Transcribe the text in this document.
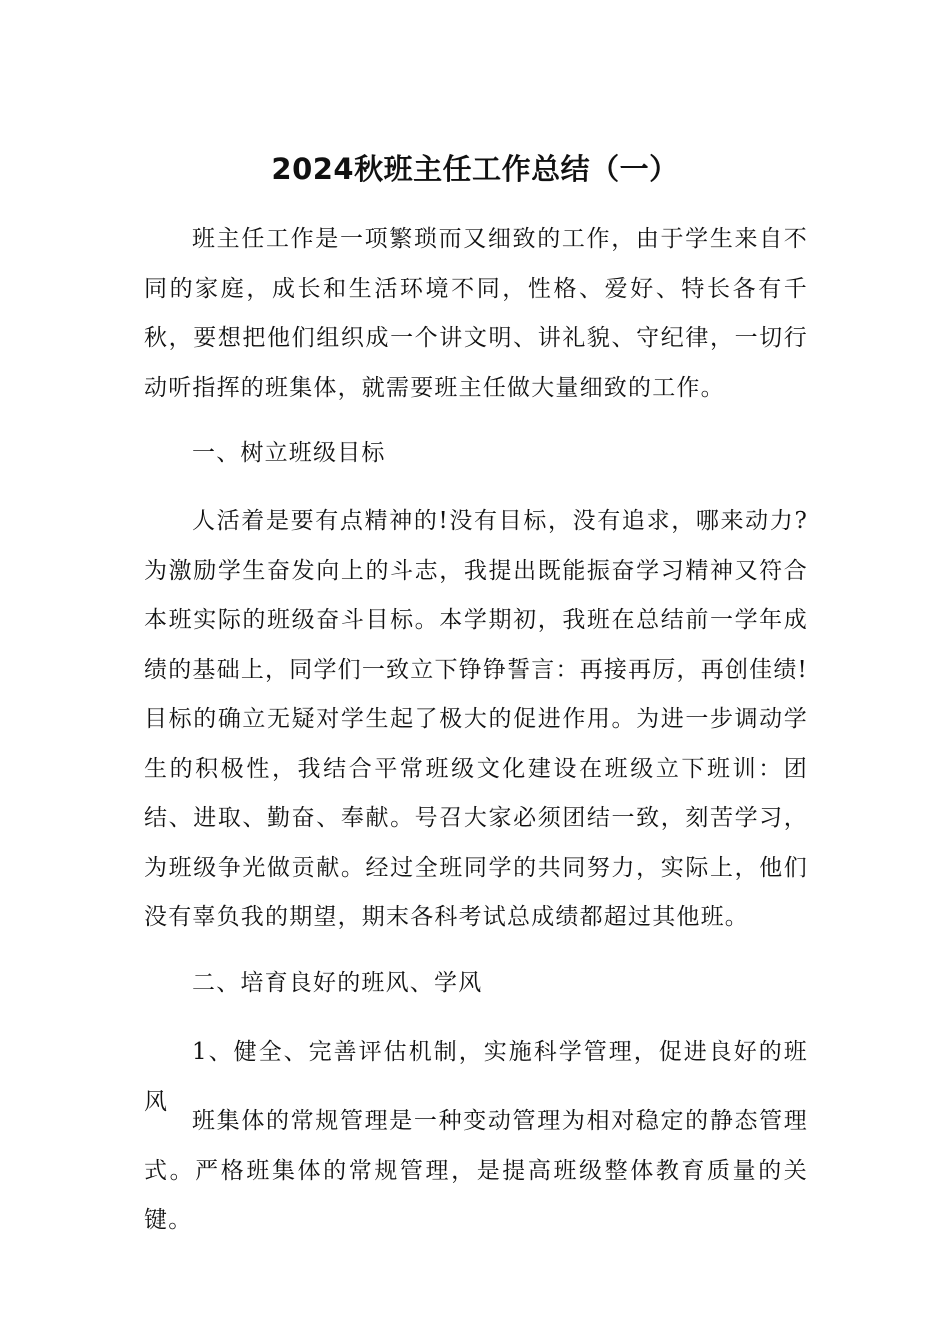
2024秋班主任工作总结（一）

班主任工作是一项繁琐而又细致的工作，由于学生来自不同的家庭，成长和生活环境不同，性格、爱好、特长各有千秋，要想把他们组织成一个讲文明、讲礼貌、守纪律，一切行动听指挥的班集体，就需要班主任做大量细致的工作。

一、树立班级目标

人活着是要有点精神的!没有目标，没有追求，哪来动力?为激励学生奋发向上的斗志，我提出既能振奋学习精神又符合本班实际的班级奋斗目标。本学期初，我班在总结前一学年成绩的基础上，同学们一致立下铮铮誓言：再接再厉，再创佳绩!目标的确立无疑对学生起了极大的促进作用。为进一步调动学生的积极性，我结合平常班级文化建设在班级立下班训：团结、进取、勤奋、奉献。号召大家必须团结一致，刻苦学习，为班级争光做贡献。经过全班同学的共同努力，实际上，他们没有辜负我的期望，期末各科考试总成绩都超过其他班。

二、培育良好的班风、学风

1、健全、完善评估机制，实施科学管理，促进良好的班风

班集体的常规管理是一种变动管理为相对稳定的静态管理式。严格班集体的常规管理，是提高班级整体教育质量的关键。
